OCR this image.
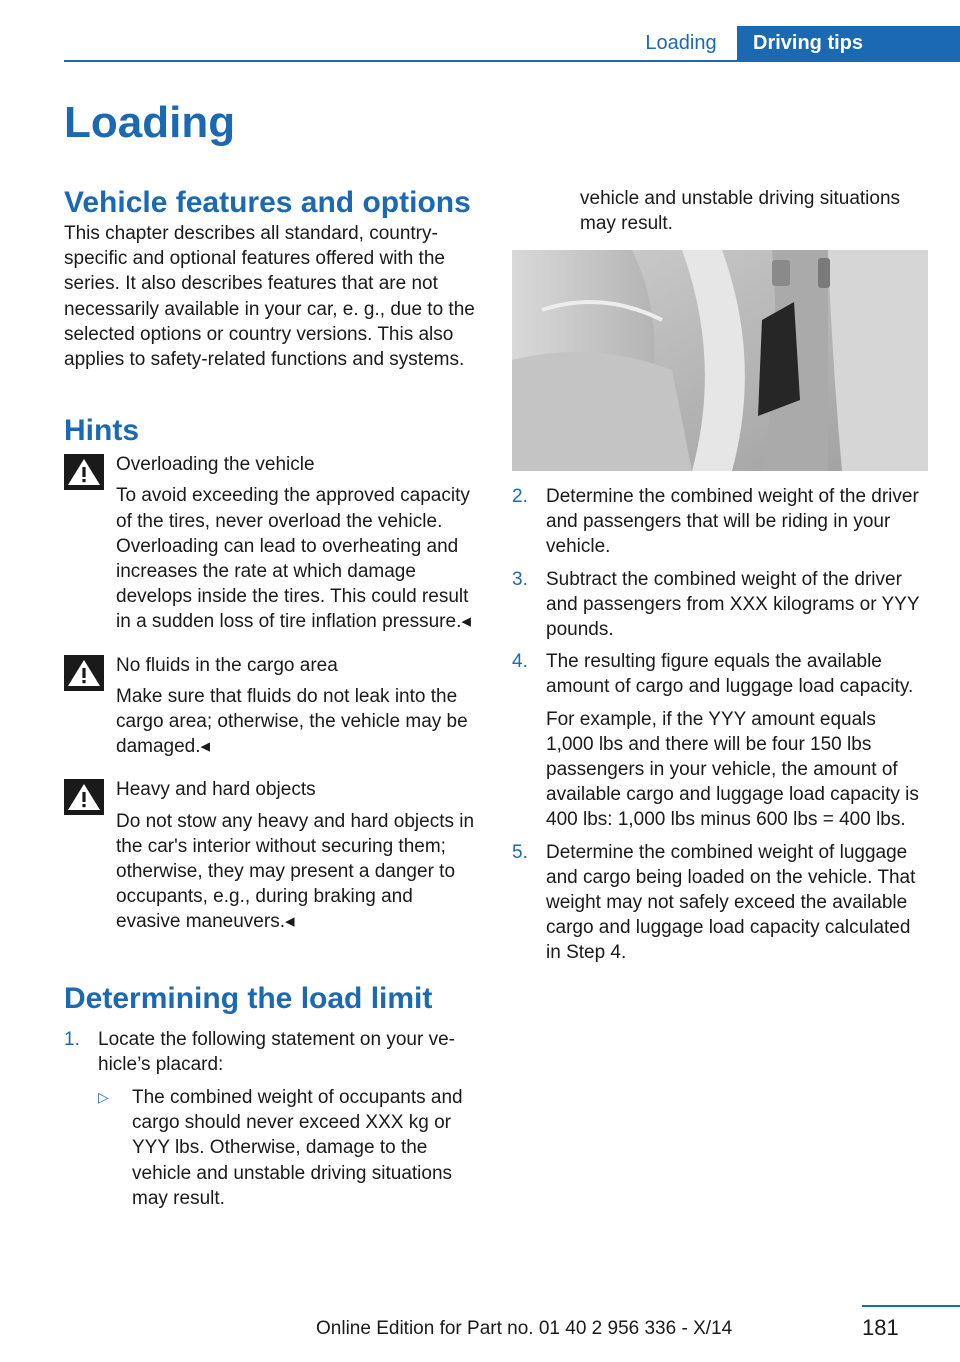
Loading	Driving tips
Loading
Vehicle features and options

This chapter describes all standard, country-specific and optional features offered with the series. It also describes features that are not necessarily available in your car, e. g., due to the selected options or country versions. This also applies to safety-related functions and systems.

Hints

Overloading the vehicle

To avoid exceeding the approved capacity of the tires, never overload the vehicle. Overloading can lead to overheating and increases the rate at which damage develops inside the tires. This could result in a sudden loss of tire inflation pressure.◂

No fluids in the cargo area

Make sure that fluids do not leak into the cargo area; otherwise, the vehicle may be damaged.◂

Heavy and hard objects

Do not stow any heavy and hard objects in the car's interior without securing them; otherwise, they may present a danger to occupants, e.g., during braking and evasive maneuvers.◂

Determining the load limit
1. Locate the following statement on your vehicle’s placard:

▷ The combined weight of occupants and cargo should never exceed XXX kg or YYY lbs. Otherwise, damage to the vehicle and unstable driving situations may result.

vehicle and unstable driving situations may result.

2. Determine the combined weight of the driver and passengers that will be riding in your vehicle.

3. Subtract the combined weight of the driver and passengers from XXX kilograms or YYY pounds.

4. The resulting figure equals the available amount of cargo and luggage load capacity.

For example, if the YYY amount equals 1,000 lbs and there will be four 150 lbs passengers in your vehicle, the amount of available cargo and luggage load capacity is 400 lbs: 1,000 lbs minus 600 lbs = 400 lbs.

5. Determine the combined weight of luggage and cargo being loaded on the vehicle. That weight may not safely exceed the available cargo and luggage load capacity calculated in Step 4.

181
Online Edition for Part no. 01 40 2 956 336 - X/14
